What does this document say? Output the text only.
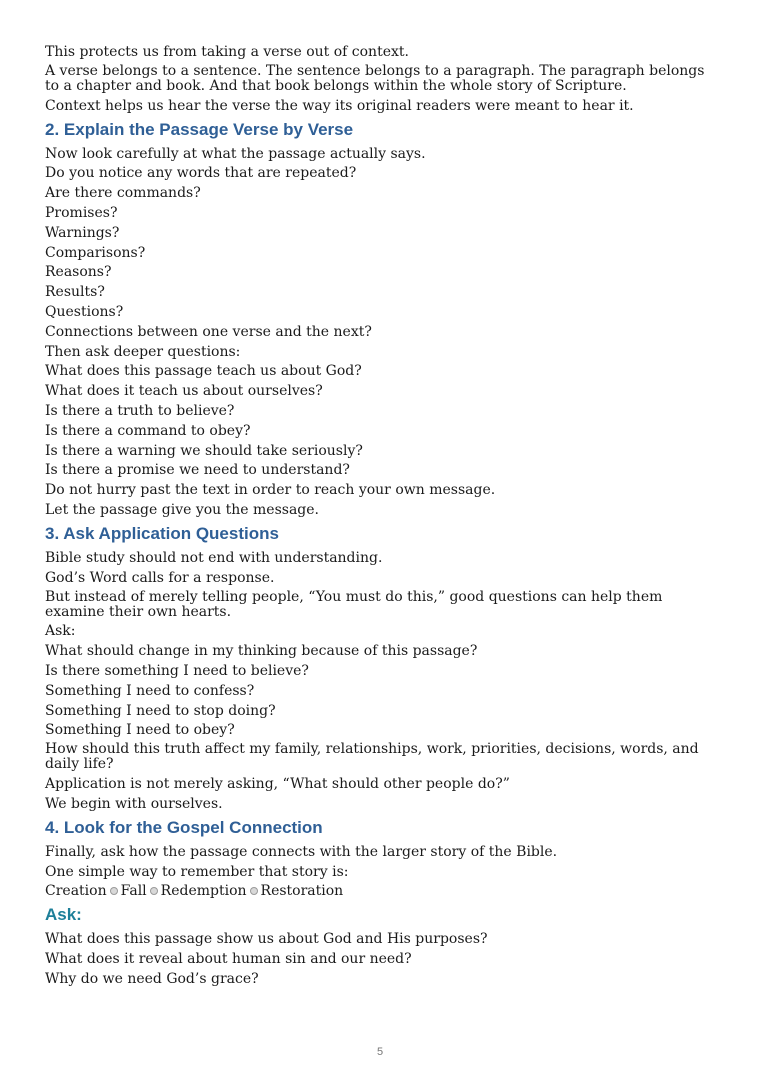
This protects us from taking a verse out of context.

A verse belongs to a sentence. The sentence belongs to a paragraph. The paragraph belongs to a chapter and book. And that book belongs within the whole story of Scripture.

Context helps us hear the verse the way its original readers were meant to hear it.

2. Explain the Passage Verse by Verse

Now look carefully at what the passage actually says.

Do you notice any words that are repeated?

Are there commands?

Promises?

Warnings?

Comparisons?

Reasons?

Results?

Questions?

Connections between one verse and the next?

Then ask deeper questions:

What does this passage teach us about God?

What does it teach us about ourselves?

Is there a truth to believe?

Is there a command to obey?

Is there a warning we should take seriously?

Is there a promise we need to understand?

Do not hurry past the text in order to reach your own message.

Let the passage give you the message.

3. Ask Application Questions

Bible study should not end with understanding.

God’s Word calls for a response.

But instead of merely telling people, “You must do this,” good questions can help them examine their own hearts.

Ask:

What should change in my thinking because of this passage?

Is there something I need to believe?

Something I need to confess?

Something I need to stop doing?

Something I need to obey?

How should this truth affect my family, relationships, work, priorities, decisions, words, and daily life?

Application is not merely asking, “What should other people do?”

We begin with ourselves.

4. Look for the Gospel Connection

Finally, ask how the passage connects with the larger story of the Bible.

One simple way to remember that story is:

Creation Fall Redemption Restoration

Ask:

What does this passage show us about God and His purposes?

What does it reveal about human sin and our need?

Why do we need God’s grace?

5
